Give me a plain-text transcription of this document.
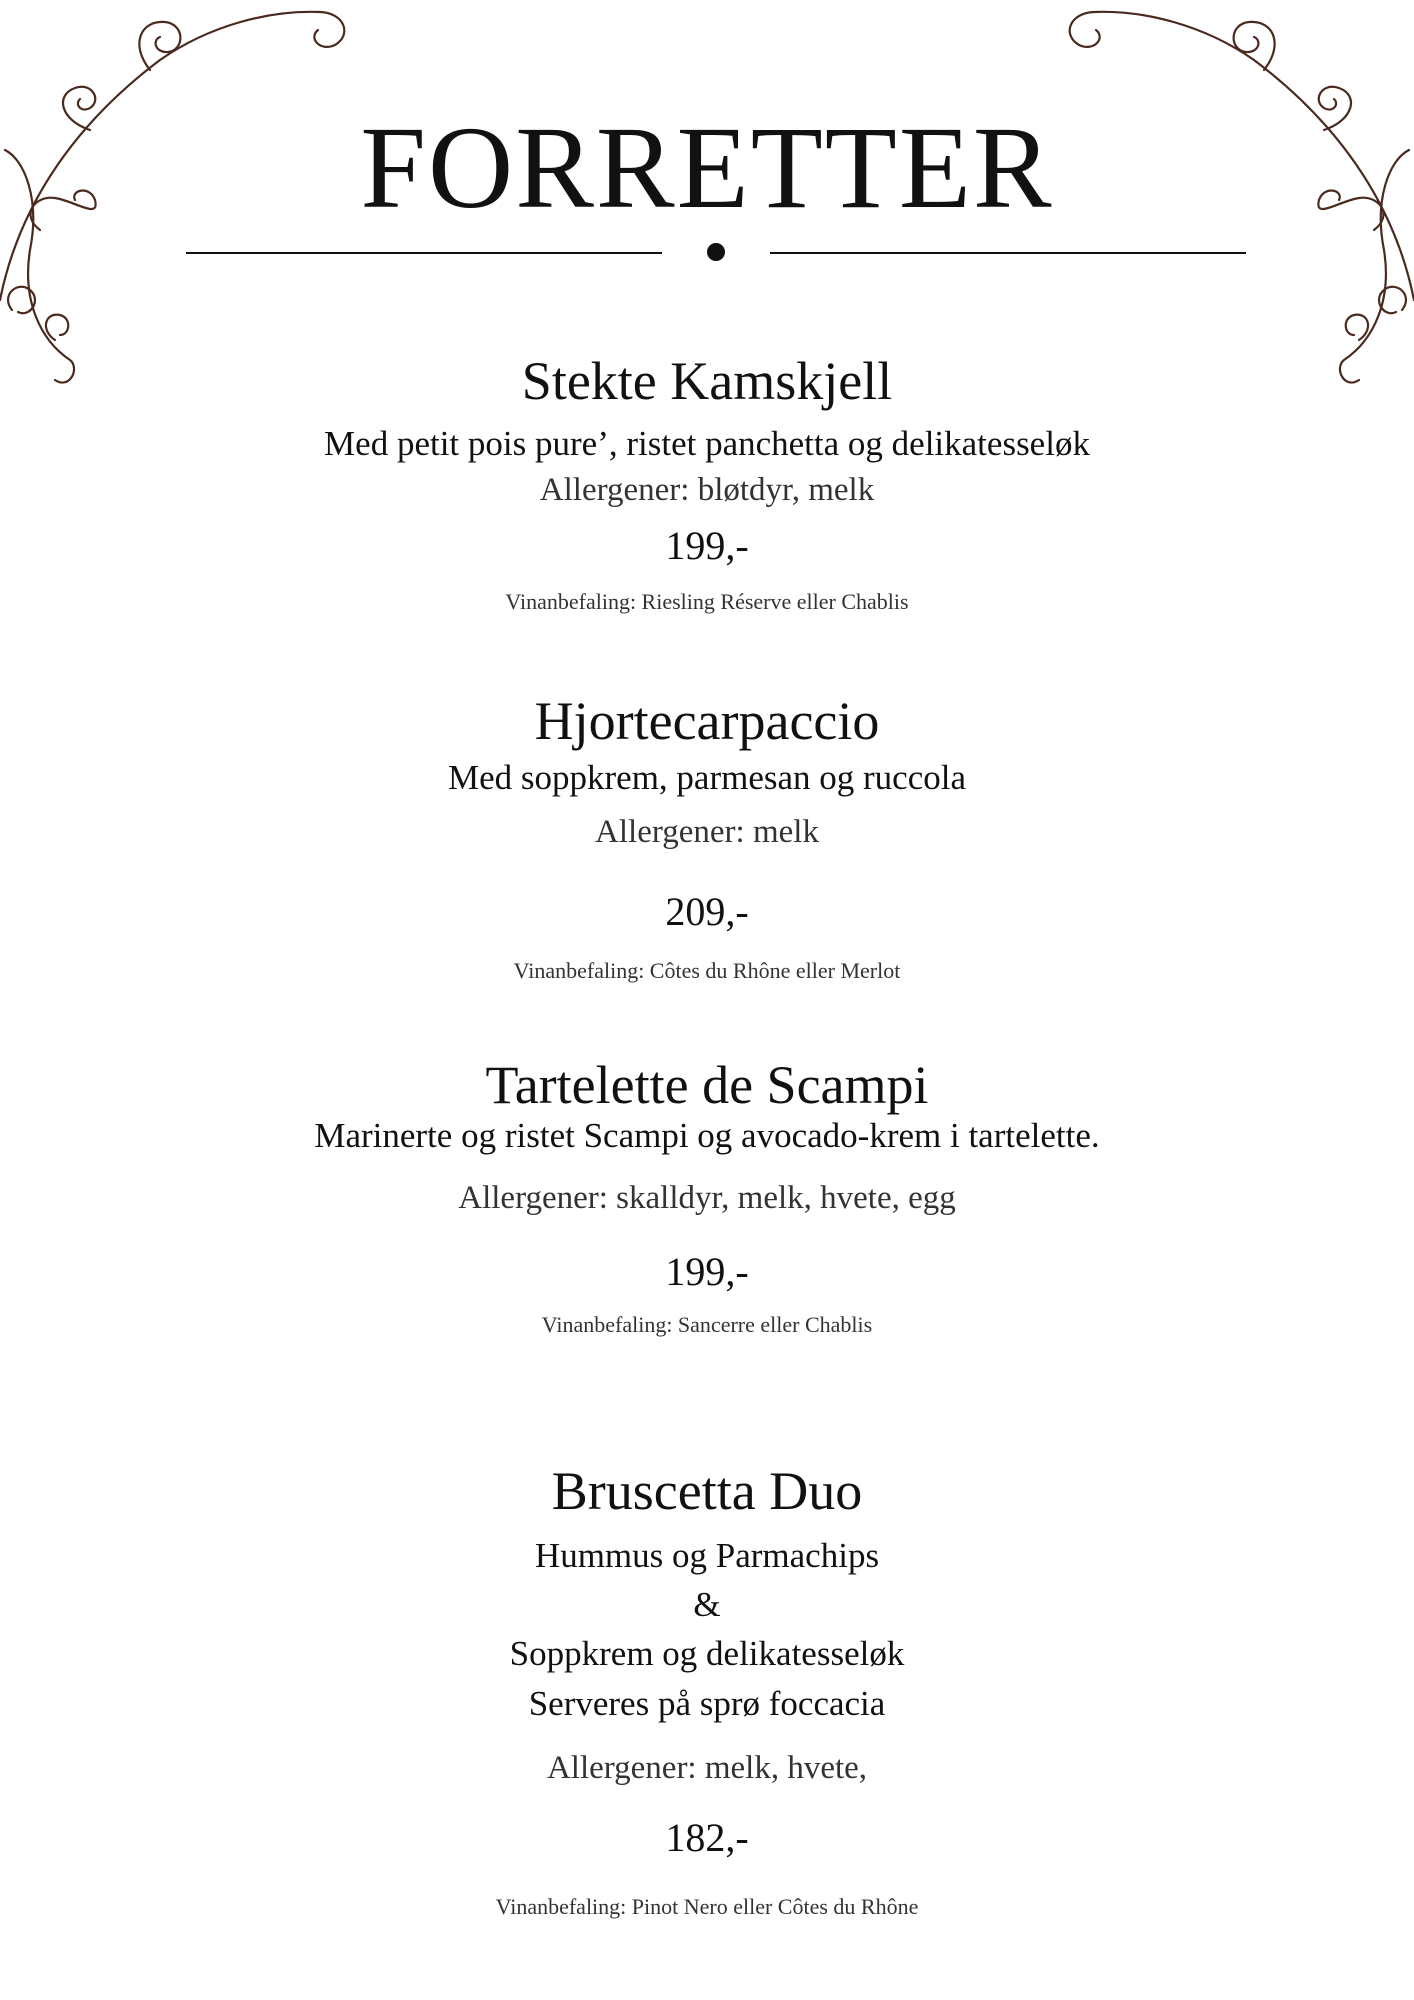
FORRETTER
Stekte Kamskjell
Med petit pois pure’, ristet panchetta og delikatesseløk
Allergener: bløtdyr, melk
199,-
Vinanbefaling: Riesling Réserve eller Chablis
Hjortecarpaccio
Med soppkrem, parmesan og ruccola
Allergener: melk
209,-
Vinanbefaling: Côtes du Rhône eller Merlot
Tartelette de Scampi
Marinerte og ristet Scampi og avocado-krem i tartelette.
Allergener: skalldyr, melk, hvete, egg
199,-
Vinanbefaling: Sancerre eller Chablis
Bruscetta Duo
Hummus og Parmachips
&
Soppkrem og delikatesseløk
Serveres på sprø foccacia
Allergener: melk, hvete,
182,-
Vinanbefaling: Pinot Nero eller Côtes du Rhône
